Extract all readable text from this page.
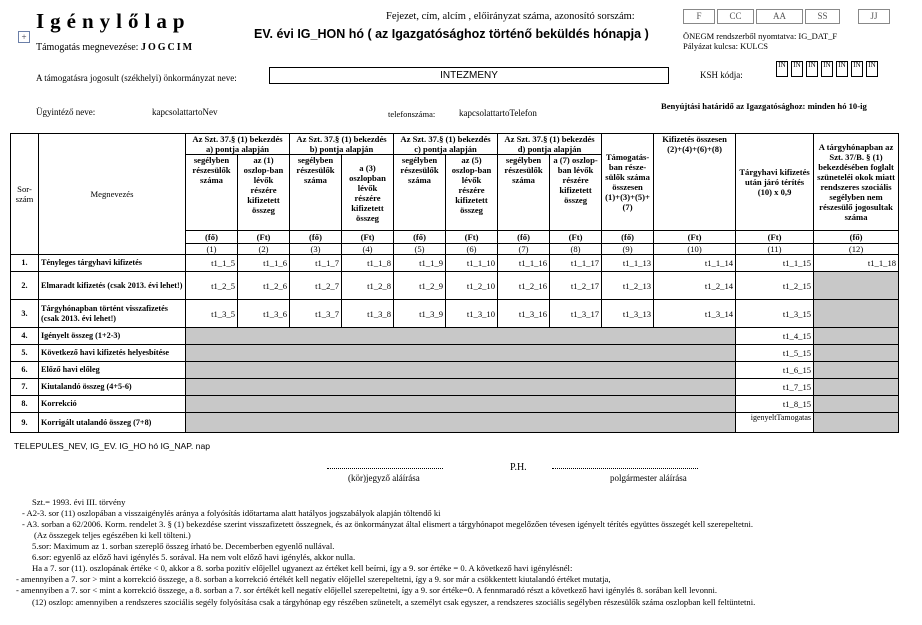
Igénylőlap
+
Támogatás megnevezése: JOGCIM
Fejezet, cím, alcím , előirányzat száma, azonosító sorszám:
EV. évi IG_HON hó ( az Igazgatósághoz történő beküldés hónapja )
F	CC	AA	SS	JJ
ÖNEGM rendszerből nyomtatva: IG_DAT_F
Pályázat kulcsa: KULCS
A támogatásra jogosult (székhelyi) önkormányzat neve:	INTEZMENY	KSH kódja:
IN	IN	IN	IN	IN	IN	IN
Ügyintéző neve:	kapcsolattartoNev	telefonszáma:	kapcsolattartoTelefon
Benyújtási határidő az Igazgatósághoz: minden hó 10-ig
Sor-
szám	Megnevezés	Az Szt. 37.§ (1) bekezdés a) pontja alapján		Az Szt. 37.§ (1) bekezdés b) pontja alapján		Az Szt. 37.§ (1) bekezdés c) pontja alapján		Az Szt. 37.§ (1) bekezdés d) pontja alapján		Támogatás-ban része-sülők száma összesen (1)+(3)+(5)+(7)	Kifizetés összesen (2)+(4)+(6)+(8)	Tárgyhavi kifizetés után járó térítés (10) x 0,9	A tárgyhónapban az Szt. 37/B. § (1) bekezdésében foglalt szüneteléi okok miatt rendszeres szociális segélyben nem részesülő jogosultak száma
		segélyben részesülők száma	az (1) oszlop-ban lévők részére kifizetett összeg	segélyben részesülők száma	a (3) oszlopban lévők részére kifizetett összeg	segélyben részesülők száma	az (5) oszlop-ban lévők részére kifizetett összeg	segélyben részesülők száma	a (7) oszlop-ban lévők részére kifizetett összeg				
		(fő)	(Ft)	(fő)	(Ft)	(fő)	(Ft)	(fő)	(Ft)	(fő)	(Ft)	(Ft)	(fő)
		(1)	(2)	(3)	(4)	(5)	(6)	(7)	(8)	(9)	(10)	(11)	(12)
1.	Tényleges tárgyhavi kifizetés	t1_1_5	t1_1_6	t1_1_7	t1_1_8	t1_1_9	t1_1_10	t1_1_16	t1_1_17	t1_1_13	t1_1_14	t1_1_15	t1_1_18
2.	Elmaradt kifizetés (csak 2013. évi lehet!)	t1_2_5	t1_2_6	t1_2_7	t1_2_8	t1_2_9	t1_2_10	t1_2_16	t1_2_17	t1_2_13	t1_2_14	t1_2_15	
3.	Tárgyhónapban történt visszafizetés (csak 2013. évi lehet!)	t1_3_5	t1_3_6	t1_3_7	t1_3_8	t1_3_9	t1_3_10	t1_3_16	t1_3_17	t1_3_13	t1_3_14	t1_3_15	
4.	Igényelt összeg (1+2-3)											t1_4_15	
5.	Következő havi kifizetés helyesbítése											t1_5_15	
6.	Előző havi előleg											t1_6_15	
7.	Kiutalandó összeg (4+5-6)											t1_7_15	
8.	Korrekció											t1_8_15	
9.	Korrigált utalandó összeg (7+8)											igenyeltTamogatas	
TELEPULES_NEV, IG_EV. IG_HO hó IG_NAP. nap
(kör)jegyző aláírása
P.H.
polgármester aláírása
Szt.= 1993. évi III. törvény
- A2-3. sor (11) oszlopában a visszaigénylés aránya a folyósítás időtartama alatt hatályos jogszabályok alapján töltendő ki
- A3. sorban a 62/2006. Korm. rendelet 3. § (1) bekezdése szerint visszafizetett összegnek, és az önkormányzat által elismert a tárgyhónapot megelőzően tévesen igényelt térítés együttes összegét kell szerepeltetni.
(Az összegek teljes egészében ki kell tölteni.)
5.sor: Maximum az 1. sorban szereplő összeg írható be. Decemberben egyenlő nullával.
6.sor: egyenlő az előző havi igénylés 5. sorával. Ha nem volt előző havi igénylés, akkor nulla.
Ha a 7. sor (11). oszlopának értéke < 0, akkor a 8. sorba pozitív előjellel ugyanezt az értéket kell beírni, így a 9. sor értéke = 0. A következő havi igénylésnél:
- amennyiben a 7. sor > mint a korrekció összege, a 8. sorban a korrekció értékét kell negatív előjellel szerepeltetni, így a 9. sor már a csökkentett kiutalandó értéket mutatja,
- amennyiben a 7. sor < mint a korrekció összege, a 8. sorban a 7. sor értékét kell negatív előjellel szerepeltetni, így a 9. sor értéke=0. A fennmaradó részt a következő havi igénylés 8. sorában kell levonni.
(12) oszlop: amennyiben a rendszeres szociális segély folyósítása csak a tárgyhónap egy részében szünetelt, a személyt csak egyszer, a rendszeres szociális segélyben részesülők száma oszlopban kell feltüntetni.
